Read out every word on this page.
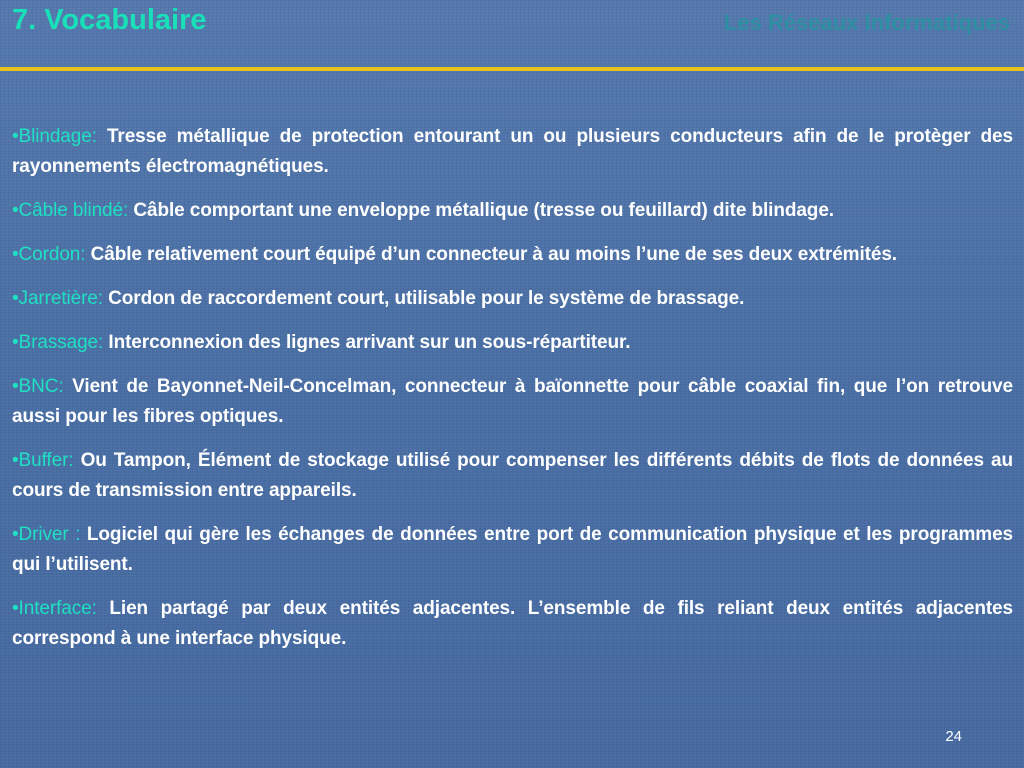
7. Vocabulaire	Les Réseaux Informatiques
•Blindage: Tresse métallique de protection entourant un ou plusieurs conducteurs afin de le protèger des rayonnements électromagnétiques.
•Câble blindé: Câble comportant une enveloppe métallique (tresse ou feuillard) dite blindage.
•Cordon: Câble relativement court équipé d’un connecteur à au moins l’une de ses deux extrémités.
•Jarretière: Cordon de raccordement court, utilisable pour le système de brassage.
•Brassage: Interconnexion des lignes arrivant sur un sous-répartiteur.
•BNC: Vient de Bayonnet-Neil-Concelman, connecteur à baïonnette pour câble coaxial fin, que l’on retrouve aussi pour les fibres optiques.
•Buffer: Ou Tampon, Élément de stockage utilisé pour compenser les différents débits de flots de données au cours de transmission entre appareils.
•Driver : Logiciel qui gère les échanges de données entre port de communication physique et les programmes qui l’utilisent.
•Interface: Lien partagé par deux entités adjacentes. L’ensemble de fils reliant deux entités adjacentes correspond à une interface physique.
24
